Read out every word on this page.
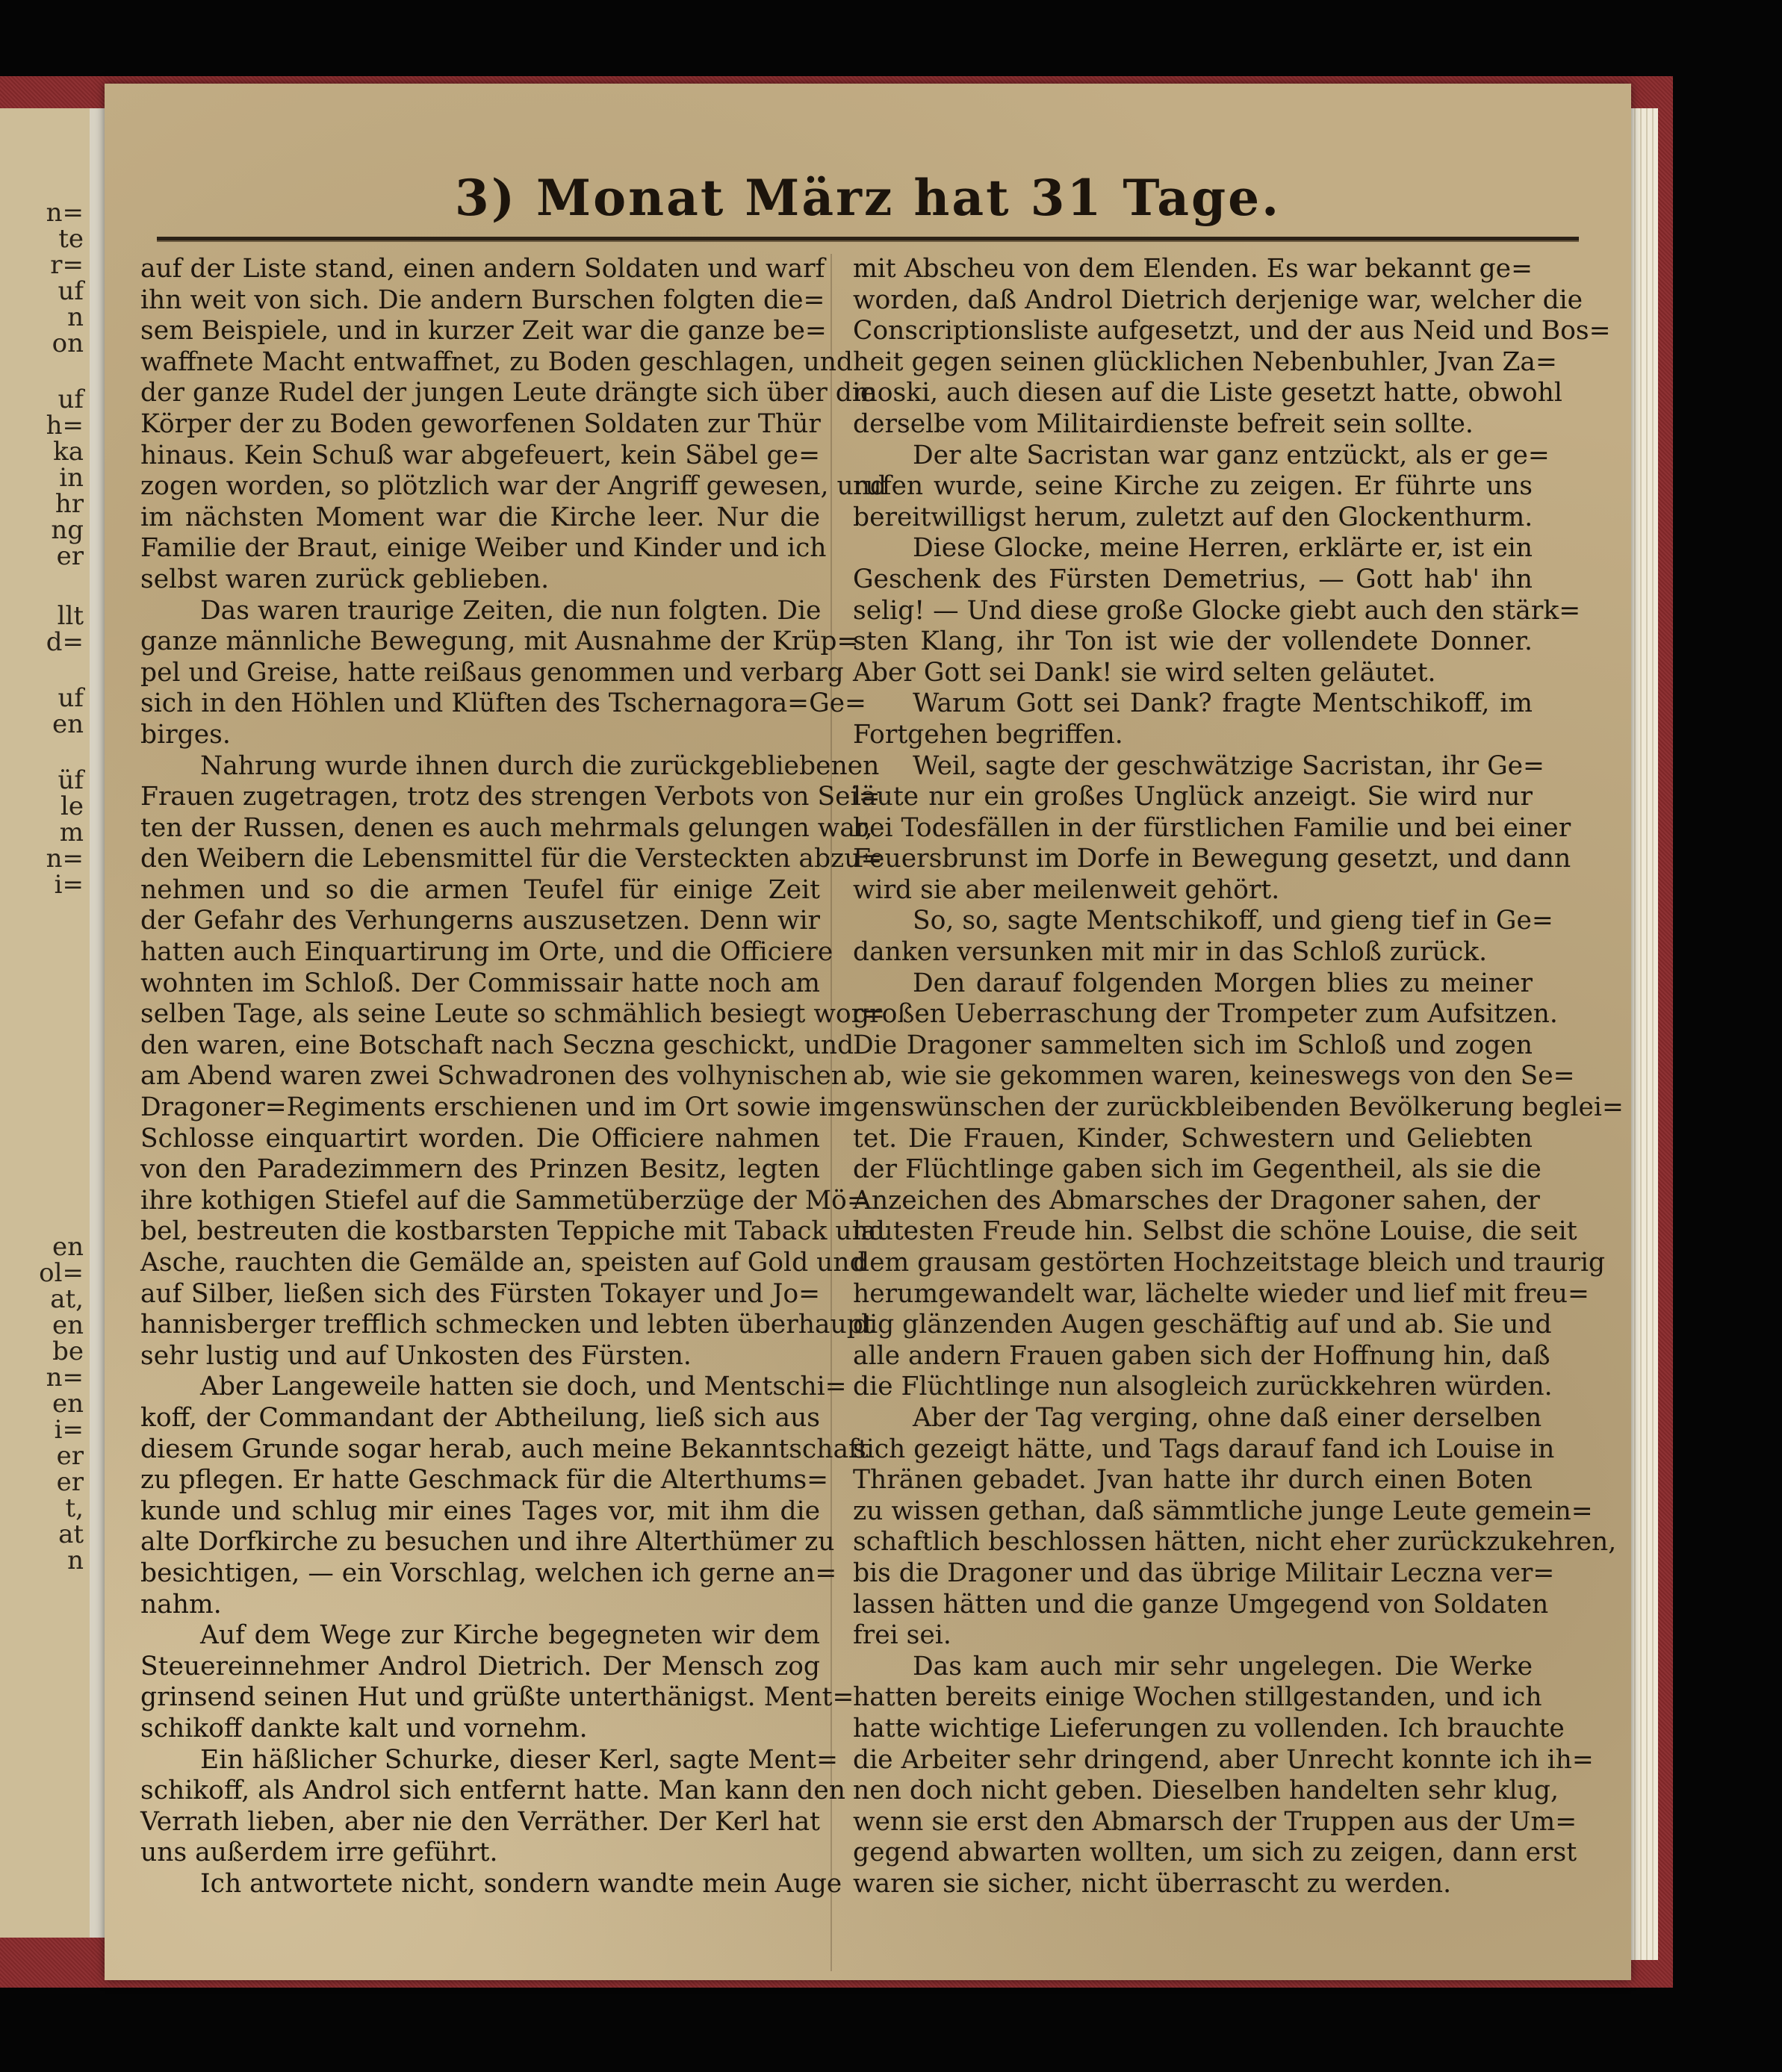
n=
te
r=
uf
n
on
uf
h=
ka
in
hr
ng
er
llt
d=
uf
en
üf
le
m
n=
i=
en
ol=
at,
en
be
n=
en
i=
er
er
t,
at
n
3) Monat März hat 31 Tage.
auf der Liste stand, einen andern Soldaten und warf
ihn weit von sich. Die andern Burschen folgten die=
sem Beispiele, und in kurzer Zeit war die ganze be=
waffnete Macht entwaffnet, zu Boden geschlagen, und
der ganze Rudel der jungen Leute drängte sich über die
Körper der zu Boden geworfenen Soldaten zur Thür
hinaus. Kein Schuß war abgefeuert, kein Säbel ge=
zogen worden, so plötzlich war der Angriff gewesen, und
im nächsten Moment war die Kirche leer. Nur die
Familie der Braut, einige Weiber und Kinder und ich
selbst waren zurück geblieben.
Das waren traurige Zeiten, die nun folgten. Die
ganze männliche Bewegung, mit Ausnahme der Krüp=
pel und Greise, hatte reißaus genommen und verbarg
sich in den Höhlen und Klüften des Tschernagora=Ge=
birges.
Nahrung wurde ihnen durch die zurückgebliebenen
Frauen zugetragen, trotz des strengen Verbots von Sei=
ten der Russen, denen es auch mehrmals gelungen war,
den Weibern die Lebensmittel für die Versteckten abzu=
nehmen und so die armen Teufel für einige Zeit
der Gefahr des Verhungerns auszusetzen. Denn wir
hatten auch Einquartirung im Orte, und die Officiere
wohnten im Schloß. Der Commissair hatte noch am
selben Tage, als seine Leute so schmählich besiegt wor=
den waren, eine Botschaft nach Seczna geschickt, und
am Abend waren zwei Schwadronen des volhynischen
Dragoner=Regiments erschienen und im Ort sowie im
Schlosse einquartirt worden. Die Officiere nahmen
von den Paradezimmern des Prinzen Besitz, legten
ihre kothigen Stiefel auf die Sammetüberzüge der Mö=
bel, bestreuten die kostbarsten Teppiche mit Taback und
Asche, rauchten die Gemälde an, speisten auf Gold und
auf Silber, ließen sich des Fürsten Tokayer und Jo=
hannisberger trefflich schmecken und lebten überhaupt
sehr lustig und auf Unkosten des Fürsten.
Aber Langeweile hatten sie doch, und Mentschi=
koff, der Commandant der Abtheilung, ließ sich aus
diesem Grunde sogar herab, auch meine Bekanntschaft
zu pflegen. Er hatte Geschmack für die Alterthums=
kunde und schlug mir eines Tages vor, mit ihm die
alte Dorfkirche zu besuchen und ihre Alterthümer zu
besichtigen, — ein Vorschlag, welchen ich gerne an=
nahm.
Auf dem Wege zur Kirche begegneten wir dem
Steuereinnehmer Androl Dietrich. Der Mensch zog
grinsend seinen Hut und grüßte unterthänigst. Ment=
schikoff dankte kalt und vornehm.
Ein häßlicher Schurke, dieser Kerl, sagte Ment=
schikoff, als Androl sich entfernt hatte. Man kann den
Verrath lieben, aber nie den Verräther. Der Kerl hat
uns außerdem irre geführt.
Ich antwortete nicht, sondern wandte mein Auge
mit Abscheu von dem Elenden. Es war bekannt ge=
worden, daß Androl Dietrich derjenige war, welcher die
Conscriptionsliste aufgesetzt, und der aus Neid und Bos=
heit gegen seinen glücklichen Nebenbuhler, Jvan Za=
moski, auch diesen auf die Liste gesetzt hatte, obwohl
derselbe vom Militairdienste befreit sein sollte.
Der alte Sacristan war ganz entzückt, als er ge=
rufen wurde, seine Kirche zu zeigen. Er führte uns
bereitwilligst herum, zuletzt auf den Glockenthurm.
Diese Glocke, meine Herren, erklärte er, ist ein
Geschenk des Fürsten Demetrius, — Gott hab' ihn
selig! — Und diese große Glocke giebt auch den stärk=
sten Klang, ihr Ton ist wie der vollendete Donner.
Aber Gott sei Dank! sie wird selten geläutet.
Warum Gott sei Dank? fragte Mentschikoff, im
Fortgehen begriffen.
Weil, sagte der geschwätzige Sacristan, ihr Ge=
läute nur ein großes Unglück anzeigt. Sie wird nur
bei Todesfällen in der fürstlichen Familie und bei einer
Feuersbrunst im Dorfe in Bewegung gesetzt, und dann
wird sie aber meilenweit gehört.
So, so, sagte Mentschikoff, und gieng tief in Ge=
danken versunken mit mir in das Schloß zurück.
Den darauf folgenden Morgen blies zu meiner
großen Ueberraschung der Trompeter zum Aufsitzen.
Die Dragoner sammelten sich im Schloß und zogen
ab, wie sie gekommen waren, keineswegs von den Se=
genswünschen der zurückbleibenden Bevölkerung beglei=
tet. Die Frauen, Kinder, Schwestern und Geliebten
der Flüchtlinge gaben sich im Gegentheil, als sie die
Anzeichen des Abmarsches der Dragoner sahen, der
lautesten Freude hin. Selbst die schöne Louise, die seit
dem grausam gestörten Hochzeitstage bleich und traurig
herumgewandelt war, lächelte wieder und lief mit freu=
dig glänzenden Augen geschäftig auf und ab. Sie und
alle andern Frauen gaben sich der Hoffnung hin, daß
die Flüchtlinge nun alsogleich zurückkehren würden.
Aber der Tag verging, ohne daß einer derselben
sich gezeigt hätte, und Tags darauf fand ich Louise in
Thränen gebadet. Jvan hatte ihr durch einen Boten
zu wissen gethan, daß sämmtliche junge Leute gemein=
schaftlich beschlossen hätten, nicht eher zurückzukehren,
bis die Dragoner und das übrige Militair Leczna ver=
lassen hätten und die ganze Umgegend von Soldaten
frei sei.
Das kam auch mir sehr ungelegen. Die Werke
hatten bereits einige Wochen stillgestanden, und ich
hatte wichtige Lieferungen zu vollenden. Ich brauchte
die Arbeiter sehr dringend, aber Unrecht konnte ich ih=
nen doch nicht geben. Dieselben handelten sehr klug,
wenn sie erst den Abmarsch der Truppen aus der Um=
gegend abwarten wollten, um sich zu zeigen, dann erst
waren sie sicher, nicht überrascht zu werden.
